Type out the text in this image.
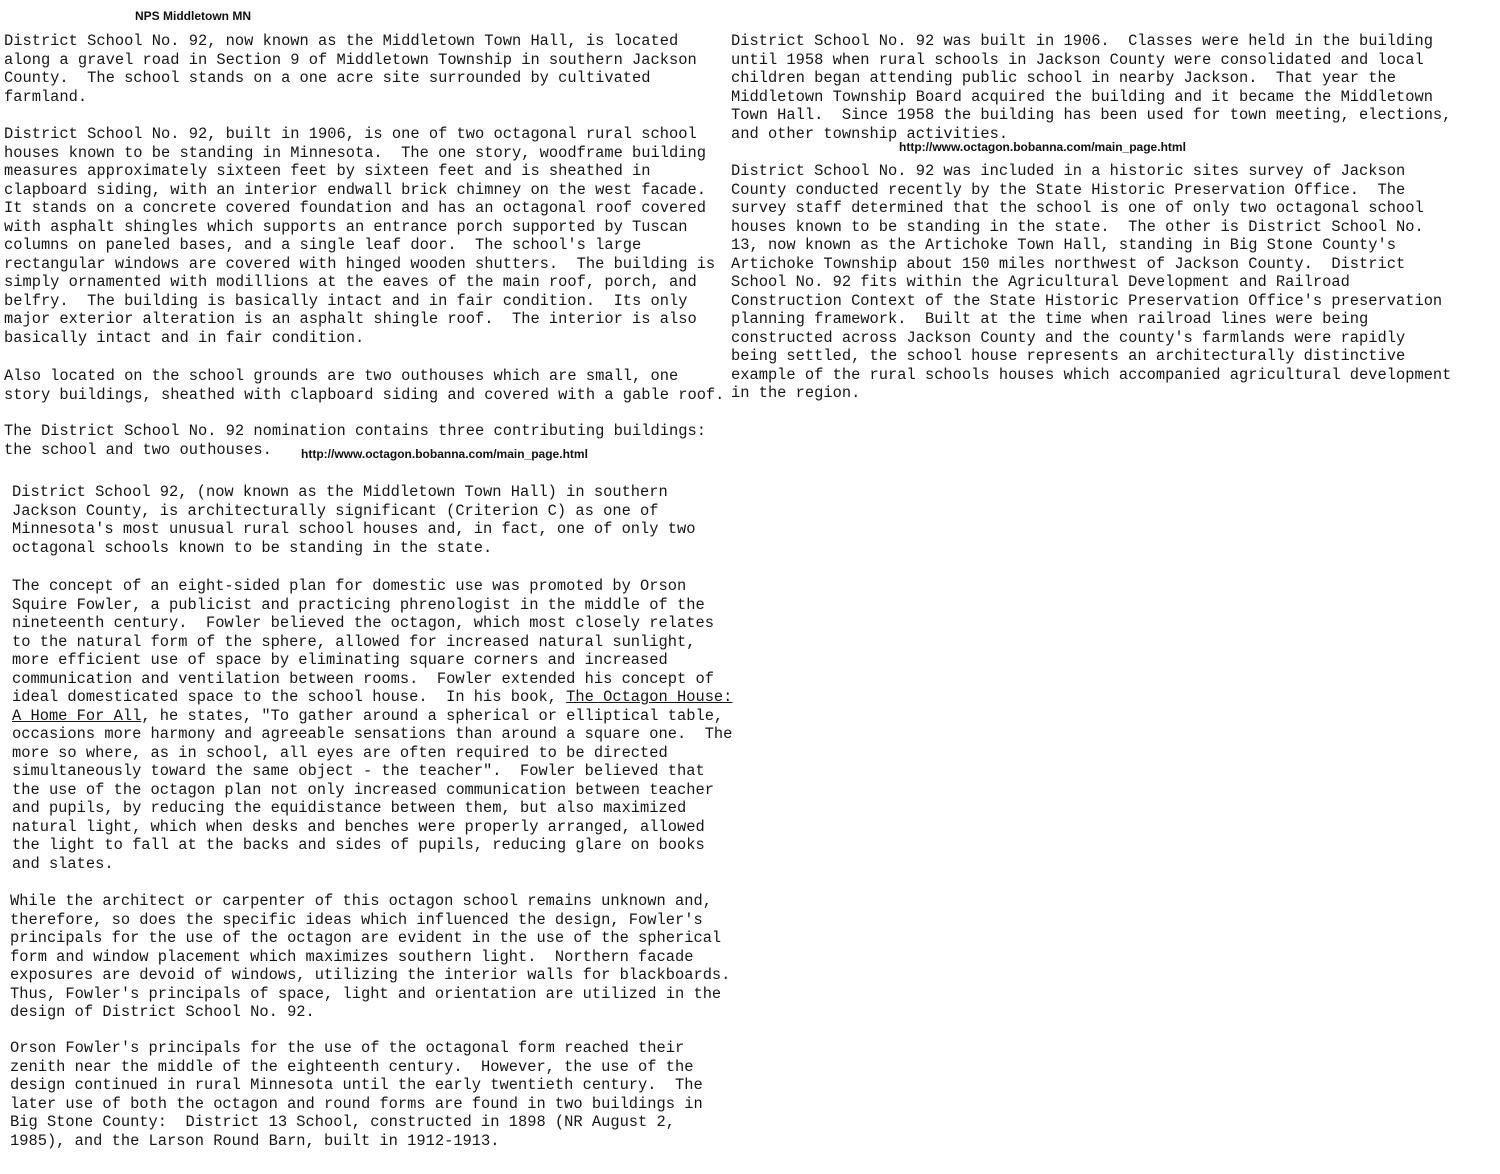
NPS Middletown MN
District School No. 92, now known as the Middletown Town Hall, is located
along a gravel road in Section 9 of Middletown Township in southern Jackson
County.  The school stands on a one acre site surrounded by cultivated
farmland.
District School No. 92, built in 1906, is one of two octagonal rural school
houses known to be standing in Minnesota.  The one story, woodframe building
measures approximately sixteen feet by sixteen feet and is sheathed in
clapboard siding, with an interior endwall brick chimney on the west facade.
It stands on a concrete covered foundation and has an octagonal roof covered
with asphalt shingles which supports an entrance porch supported by Tuscan
columns on paneled bases, and a single leaf door.  The school's large
rectangular windows are covered with hinged wooden shutters.  The building is
simply ornamented with modillions at the eaves of the main roof, porch, and
belfry.  The building is basically intact and in fair condition.  Its only
major exterior alteration is an asphalt shingle roof.  The interior is also
basically intact and in fair condition.
Also located on the school grounds are two outhouses which are small, one
story buildings, sheathed with clapboard siding and covered with a gable roof.
The District School No. 92 nomination contains three contributing buildings:
the school and two outhouses.	http://www.octagon.bobanna.com/main_page.html
District School 92, (now known as the Middletown Town Hall) in southern
Jackson County, is architecturally significant (Criterion C) as one of
Minnesota's most unusual rural school houses and, in fact, one of only two
octagonal schools known to be standing in the state.
The concept of an eight-sided plan for domestic use was promoted by Orson
Squire Fowler, a publicist and practicing phrenologist in the middle of the
nineteenth century.  Fowler believed the octagon, which most closely relates
to the natural form of the sphere, allowed for increased natural sunlight,
more efficient use of space by eliminating square corners and increased
communication and ventilation between rooms.  Fowler extended his concept of
ideal domesticated space to the school house.  In his book, The Octagon House:
A Home For All, he states, "To gather around a spherical or elliptical table,
occasions more harmony and agreeable sensations than around a square one.  The
more so where, as in school, all eyes are often required to be directed
simultaneously toward the same object - the teacher".  Fowler believed that
the use of the octagon plan not only increased communication between teacher
and pupils, by reducing the equidistance between them, but also maximized
natural light, which when desks and benches were properly arranged, allowed
the light to fall at the backs and sides of pupils, reducing glare on books
and slates.
While the architect or carpenter of this octagon school remains unknown and,
therefore, so does the specific ideas which influenced the design, Fowler's
principals for the use of the octagon are evident in the use of the spherical
form and window placement which maximizes southern light.  Northern facade
exposures are devoid of windows, utilizing the interior walls for blackboards.
Thus, Fowler's principals of space, light and orientation are utilized in the
design of District School No. 92.
Orson Fowler's principals for the use of the octagonal form reached their
zenith near the middle of the eighteenth century.  However, the use of the
design continued in rural Minnesota until the early twentieth century.  The
later use of both the octagon and round forms are found in two buildings in
Big Stone County:  District 13 School, constructed in 1898 (NR August 2,
1985), and the Larson Round Barn, built in 1912-1913.
District School No. 92 was built in 1906.  Classes were held in the building
until 1958 when rural schools in Jackson County were consolidated and local
children began attending public school in nearby Jackson.  That year the
Middletown Township Board acquired the building and it became the Middletown
Town Hall.  Since 1958 the building has been used for town meeting, elections,
and other township activities.
http://www.octagon.bobanna.com/main_page.html
District School No. 92 was included in a historic sites survey of Jackson
County conducted recently by the State Historic Preservation Office.  The
survey staff determined that the school is one of only two octagonal school
houses known to be standing in the state.  The other is District School No.
13, now known as the Artichoke Town Hall, standing in Big Stone County's
Artichoke Township about 150 miles northwest of Jackson County.  District
School No. 92 fits within the Agricultural Development and Railroad
Construction Context of the State Historic Preservation Office's preservation
planning framework.  Built at the time when railroad lines were being
constructed across Jackson County and the county's farmlands were rapidly
being settled, the school house represents an architecturally distinctive
example of the rural schools houses which accompanied agricultural development
in the region.
